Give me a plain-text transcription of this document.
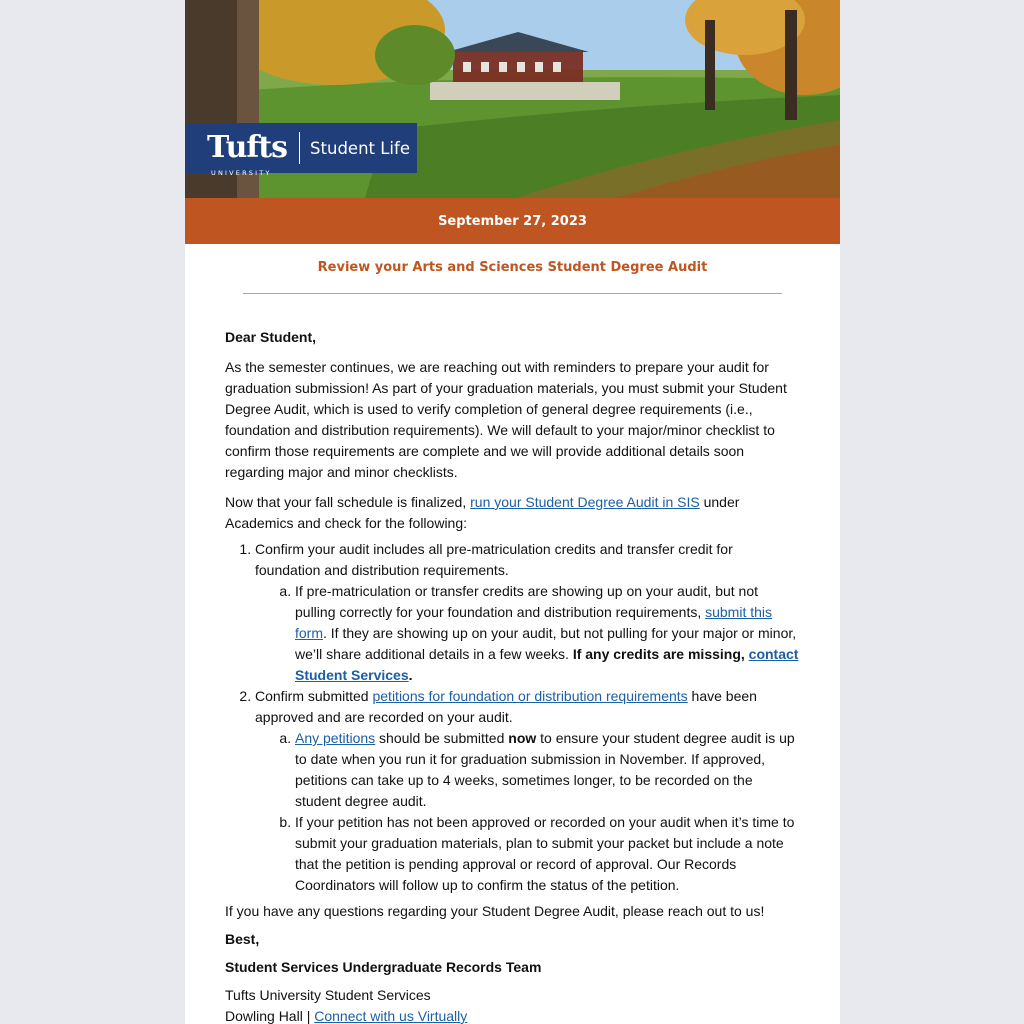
Tufts
UNIVERSITY
Student Life
September 27, 2023
Review your Arts and Sciences Student Degree Audit

Dear Student,

As the semester continues, we are reaching out with reminders to prepare your audit for graduation submission! As part of your graduation materials, you must submit your Student Degree Audit, which is used to verify completion of general degree requirements (i.e., foundation and distribution requirements). We will default to your major/minor checklist to confirm those requirements are complete and we will provide additional details soon regarding major and minor checklists.

Now that your fall schedule is finalized, run your Student Degree Audit in SIS under Academics and check for the following:

1. Confirm your audit includes all pre-matriculation credits and transfer credit for foundation and distribution requirements.
a. If pre-matriculation or transfer credits are showing up on your audit, but not pulling correctly for your foundation and distribution requirements, submit this form. If they are showing up on your audit, but not pulling for your major or minor, we’ll share additional details in a few weeks. If any credits are missing, contact Student Services.
2. Confirm submitted petitions for foundation or distribution requirements have been approved and are recorded on your audit.
a. Any petitions should be submitted now to ensure your student degree audit is up to date when you run it for graduation submission in November. If approved, petitions can take up to 4 weeks, sometimes longer, to be recorded on the student degree audit.
b. If your petition has not been approved or recorded on your audit when it’s time to submit your graduation materials, plan to submit your packet but include a note that the petition is pending approval or record of approval. Our Records Coordinators will follow up to confirm the status of the petition.

If you have any questions regarding your Student Degree Audit, please reach out to us!

Best,

Student Services Undergraduate Records Team

Tufts University Student Services

Dowling Hall | Connect with us Virtually
